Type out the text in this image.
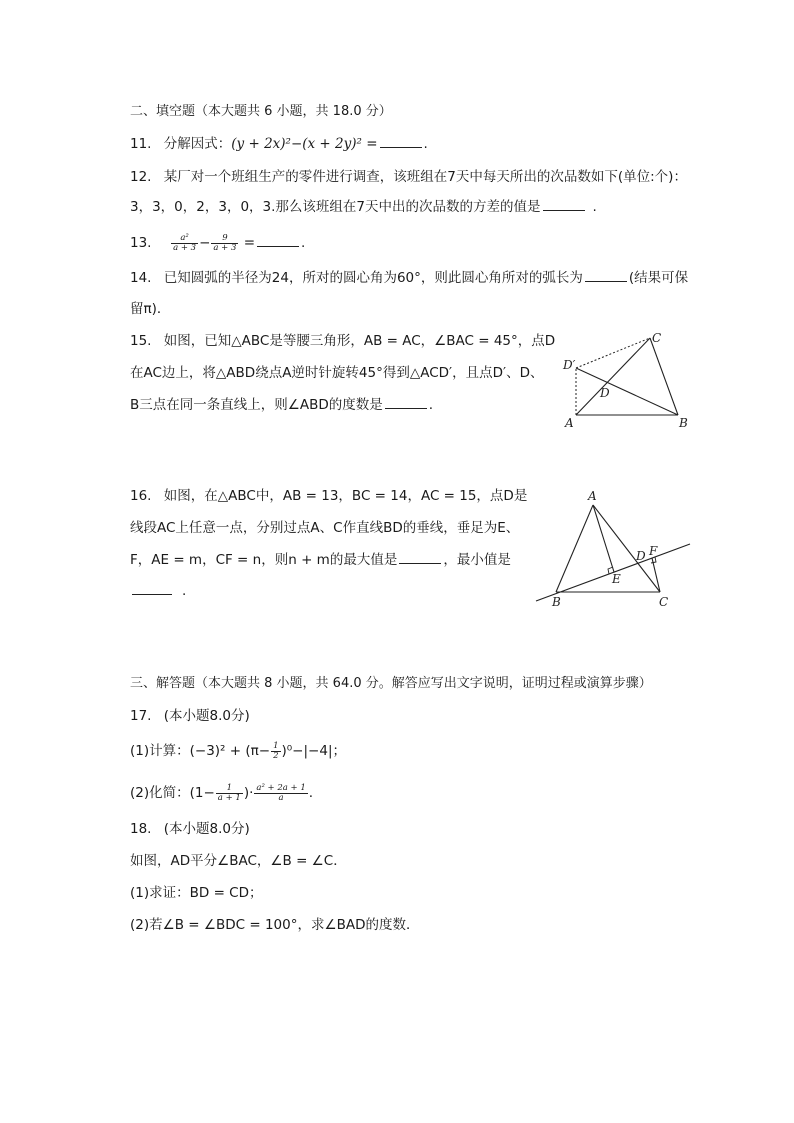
二、填空题（本大题共 6 小题，共 18.0 分）
11. 分解因式：(y + 2x)²−(x + 2y)² =	.
12. 某厂对一个班组生产的零件进行调查，该班组在7天中每天所出的次品数如下(单位:个)：
3，3，0，2，3，0，3.那么该班组在7天中出的次品数的方差的值是	.
13. $\frac{\text{a²}}{a + 3} - \frac{9}{a + 3}$ =	.
14. 已知圆弧的半径为24，所对的圆心角为60°，则此圆心角所对的弧长为	(结果可保
留π)．
15. 如图，已知△ABC是等腰三角形，AB = AC，∠BAC = 45°，点D
在AC边上，将△ABD绕点A逆时针旋转45°得到△ACD′，且点D′、D、
B三点在同一条直线上，则∠ABD的度数是	.
C
D′
D
A	B
16. 如图，在△ABC中，AB = 13，BC = 14，AC = 15，点D是
线段AC上任意一点，分别过点A、C作直线BD的垂线，垂足为E、
F，AE = m，CF = n，则n + m的最大值是	，最小值是
.
A
D F
E
B	C
三、解答题（本大题共 8 小题，共 64.0 分。解答应写出文字说明，证明过程或演算步骤）
17. (本小题8.0分)
(1)计算：$(-3)^2 + (\pi- \frac{1}{2} )^0-|-4|$；
(2)化简：($1- \frac{1}{a + 1}$ )· $\frac{\text{a² + 2a + 1}}{a}$ .
18. (本小题8.0分)
如图，AD平分∠BAC，∠B = ∠C．
(1)求证：BD = CD；
(2)若∠B = ∠BDC = 100°，求∠BAD的度数．
